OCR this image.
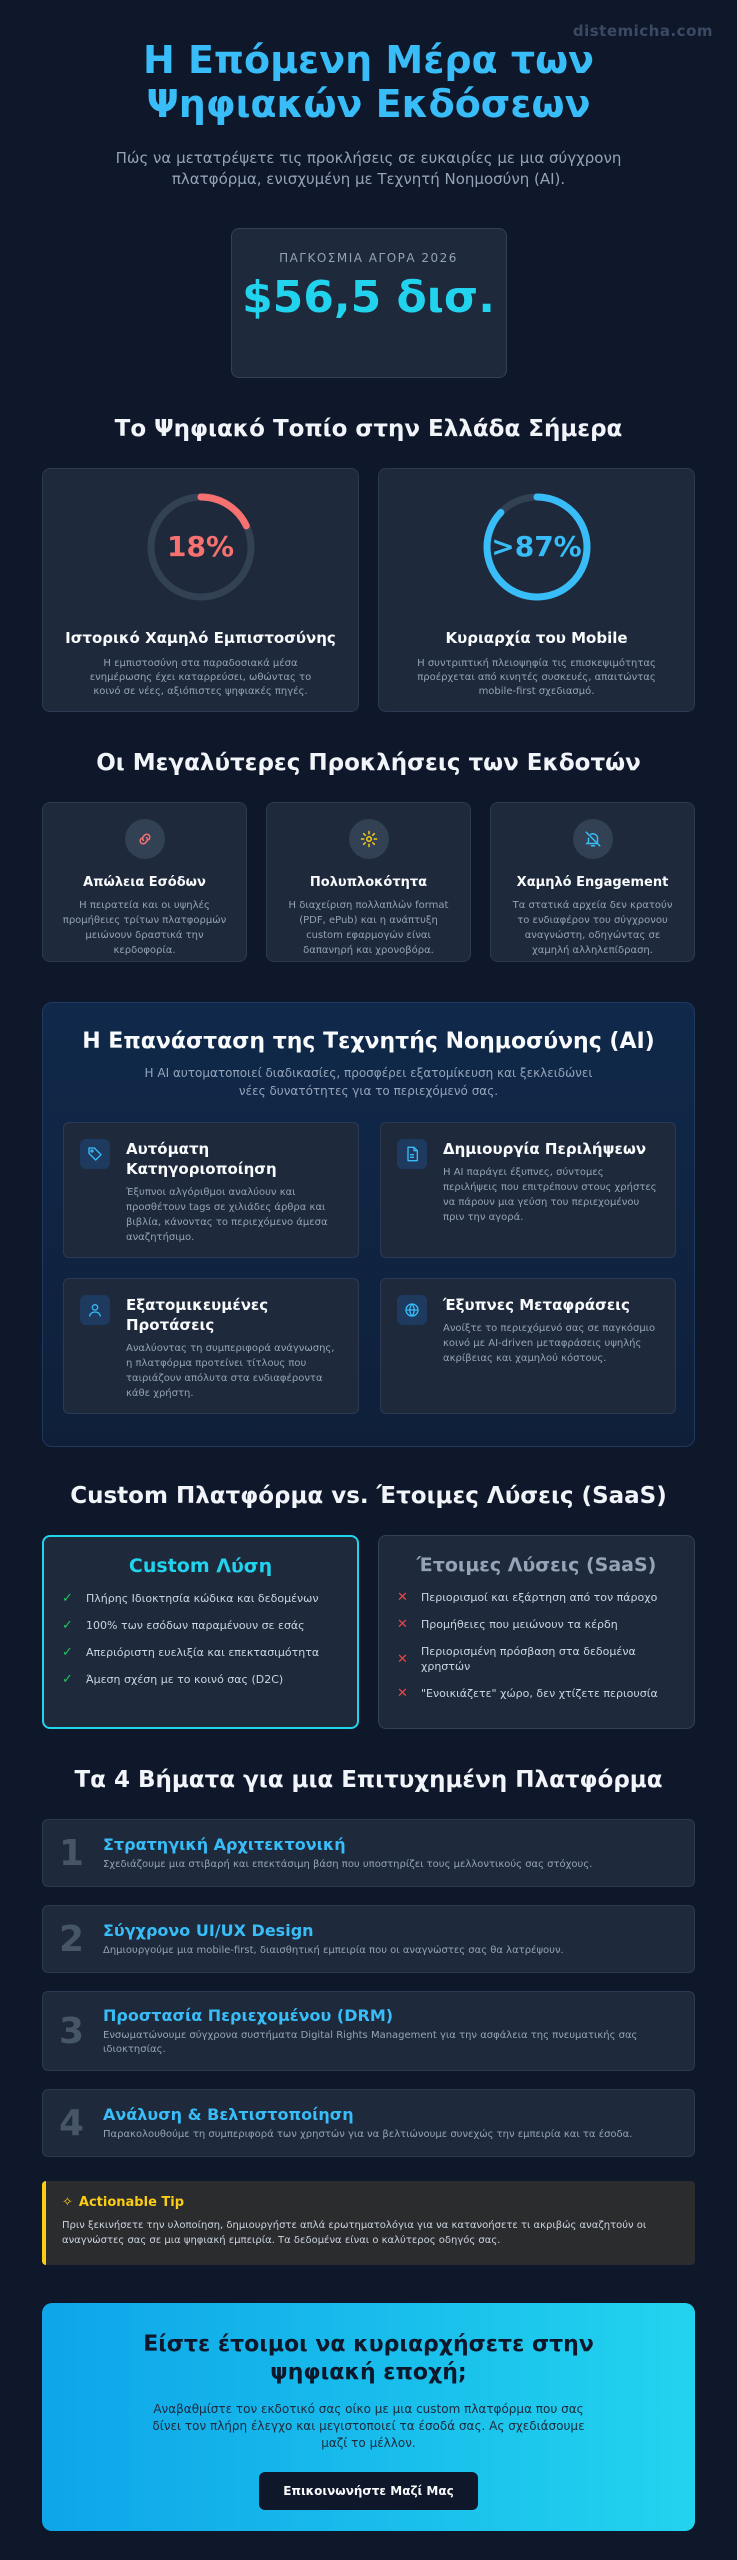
distemicha.com
Η Επόμενη Μέρα των Ψηφιακών Εκδόσεων

Πώς να μετατρέψετε τις προκλήσεις σε ευκαιρίες με μια σύγχρονη πλατφόρμα, ενισχυμένη με Τεχνητή Νοημοσύνη (AI).

ΠΑΓΚΟΣΜΙΑ ΑΓΟΡΑ 2026
$56,5 δισ.
Το Ψηφιακό Τοπίο στην Ελλάδα Σήμερα
18%
Ιστορικό Χαμηλό Εμπιστοσύνης

Η εμπιστοσύνη στα παραδοσιακά μέσα ενημέρωσης έχει καταρρεύσει, ωθώντας το κοινό σε νέες, αξιόπιστες ψηφιακές πηγές.

>87%
Κυριαρχία του Mobile

Η συντριπτική πλειοψηφία τις επισκεψιμότητας προέρχεται από κινητές συσκευές, απαιτώντας mobile-first σχεδιασμό.

Οι Μεγαλύτερες Προκλήσεις των Εκδοτών
Απώλεια Εσόδων

Η πειρατεία και οι υψηλές προμήθειες τρίτων πλατφορμών μειώνουν δραστικά την κερδοφορία.

Πολυπλοκότητα

Η διαχείριση πολλαπλών format (PDF, ePub) και η ανάπτυξη custom εφαρμογών είναι δαπανηρή και χρονοβόρα.

Χαμηλό Engagement

Τα στατικά αρχεία δεν κρατούν το ενδιαφέρον του σύγχρονου αναγνώστη, οδηγώντας σε χαμηλή αλληλεπίδραση.

Η Επανάσταση της Τεχνητής Νοημοσύνης (AI)

Η AI αυτοματοποιεί διαδικασίες, προσφέρει εξατομίκευση και ξεκλειδώνει νέες δυνατότητες για το περιεχόμενό σας.

Αυτόματη Κατηγοριοποίηση

Έξυπνοι αλγόριθμοι αναλύουν και προσθέτουν tags σε χιλιάδες άρθρα και βιβλία, κάνοντας το περιεχόμενο άμεσα αναζητήσιμο.

Δημιουργία Περιλήψεων

Η AI παράγει έξυπνες, σύντομες περιλήψεις που επιτρέπουν στους χρήστες να πάρουν μια γεύση του περιεχομένου πριν την αγορά.

Εξατομικευμένες Προτάσεις

Αναλύοντας τη συμπεριφορά ανάγνωσης, η πλατφόρμα προτείνει τίτλους που ταιριάζουν απόλυτα στα ενδιαφέροντα κάθε χρήστη.

Έξυπνες Μεταφράσεις

Ανοίξτε το περιεχόμενό σας σε παγκόσμιο κοινό με AI-driven μεταφράσεις υψηλής ακρίβειας και χαμηλού κόστους.

Custom Πλατφόρμα vs. Έτοιμες Λύσεις (SaaS)
Custom Λύση
✓ Πλήρης Ιδιοκτησία κώδικα και δεδομένων
✓ 100% των εσόδων παραμένουν σε εσάς
✓ Απεριόριστη ευελιξία και επεκτασιμότητα
✓ Άμεση σχέση με το κοινό σας (D2C)
Έτοιμες Λύσεις (SaaS)
✕ Περιορισμοί και εξάρτηση από τον πάροχο
✕ Προμήθειες που μειώνουν τα κέρδη
✕ Περιορισμένη πρόσβαση στα δεδομένα χρηστών
✕ "Ενοικιάζετε" χώρο, δεν χτίζετε περιουσία
Τα 4 Βήματα για μια Επιτυχημένη Πλατφόρμα
1	Στρατηγική Αρχιτεκτονική

Σχεδιάζουμε μια στιβαρή και επεκτάσιμη βάση που υποστηρίζει τους μελλοντικούς σας στόχους.

2	Σύγχρονο UI/UX Design

Δημιουργούμε μια mobile-first, διαισθητική εμπειρία που οι αναγνώστες σας θα λατρέψουν.

3	Προστασία Περιεχομένου (DRM)

Ενσωματώνουμε σύγχρονα συστήματα Digital Rights Management για την ασφάλεια της πνευματικής σας ιδιοκτησίας.

4	Ανάλυση & Βελτιστοποίηση

Παρακολουθούμε τη συμπεριφορά των χρηστών για να βελτιώνουμε συνεχώς την εμπειρία και τα έσοδα.

✧ Actionable Tip

Πριν ξεκινήσετε την υλοποίηση, δημιουργήστε απλά ερωτηματολόγια για να κατανοήσετε τι ακριβώς αναζητούν οι αναγνώστες σας σε μια ψηφιακή εμπειρία. Τα δεδομένα είναι ο καλύτερος οδηγός σας.

Είστε έτοιμοι να κυριαρχήσετε στην ψηφιακή εποχή;

Αναβαθμίστε τον εκδοτικό σας οίκο με μια custom πλατφόρμα που σας δίνει τον πλήρη έλεγχο και μεγιστοποιεί τα έσοδά σας. Ας σχεδιάσουμε μαζί το μέλλον.

Επικοινωνήστε Μαζί Μας
